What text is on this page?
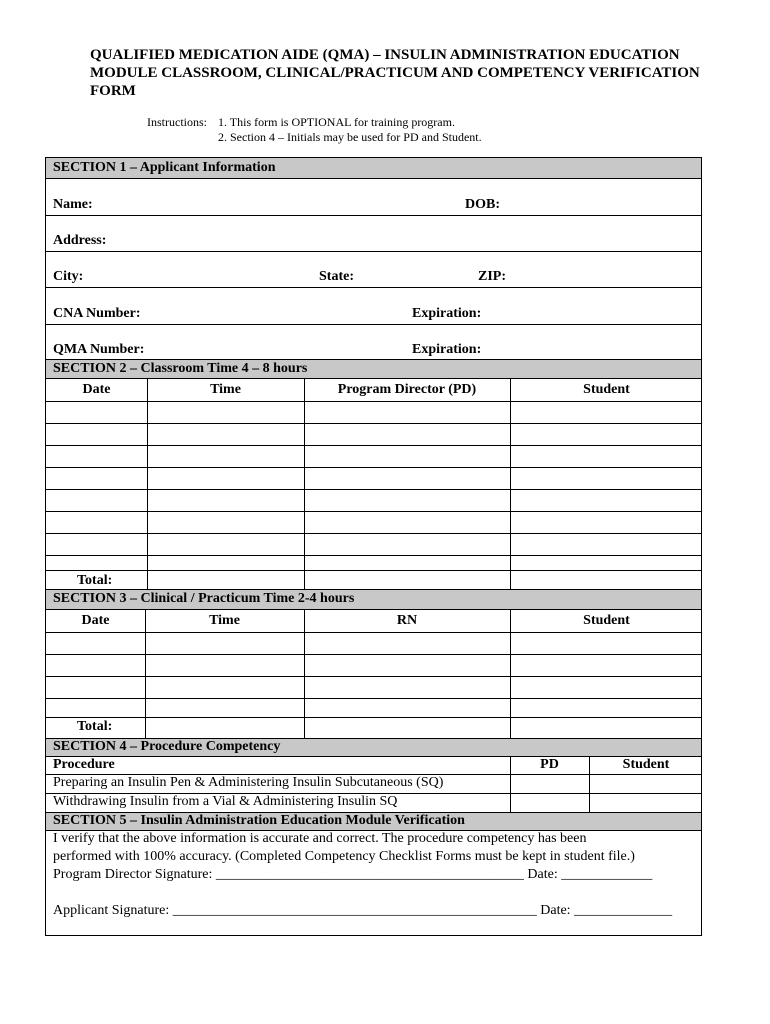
QUALIFIED MEDICATION AIDE (QMA) – INSULIN ADMINISTRATION EDUCATION
MODULE CLASSROOM, CLINICAL/PRACTICUM AND COMPETENCY VERIFICATION
FORM
Instructions: 1. This form is OPTIONAL for training program.
2. Section 4 – Initials may be used for PD and Student.
SECTION 1 – Applicant Information
Name:	DOB:
Address:
City:	State:	ZIP:
CNA Number:	Expiration:
QMA Number:	Expiration:
SECTION 2 – Classroom Time 4 – 8 hours
Date	Time	Program Director (PD)	Student
Total:
SECTION 3 – Clinical / Practicum Time 2-4 hours
Date	Time	RN	Student
Total:
SECTION 4 – Procedure Competency
Procedure	PD	Student
Preparing an Insulin Pen & Administering Insulin Subcutaneous (SQ)
Withdrawing Insulin from a Vial & Administering Insulin SQ
SECTION 5 – Insulin Administration Education Module Verification
I verify that the above information is accurate and correct. The procedure competency has been
performed with 100% accuracy. (Completed Competency Checklist Forms must be kept in student file.)
Program Director Signature: ____________________________________________ Date: _____________
Applicant Signature: ____________________________________________________ Date: ______________
